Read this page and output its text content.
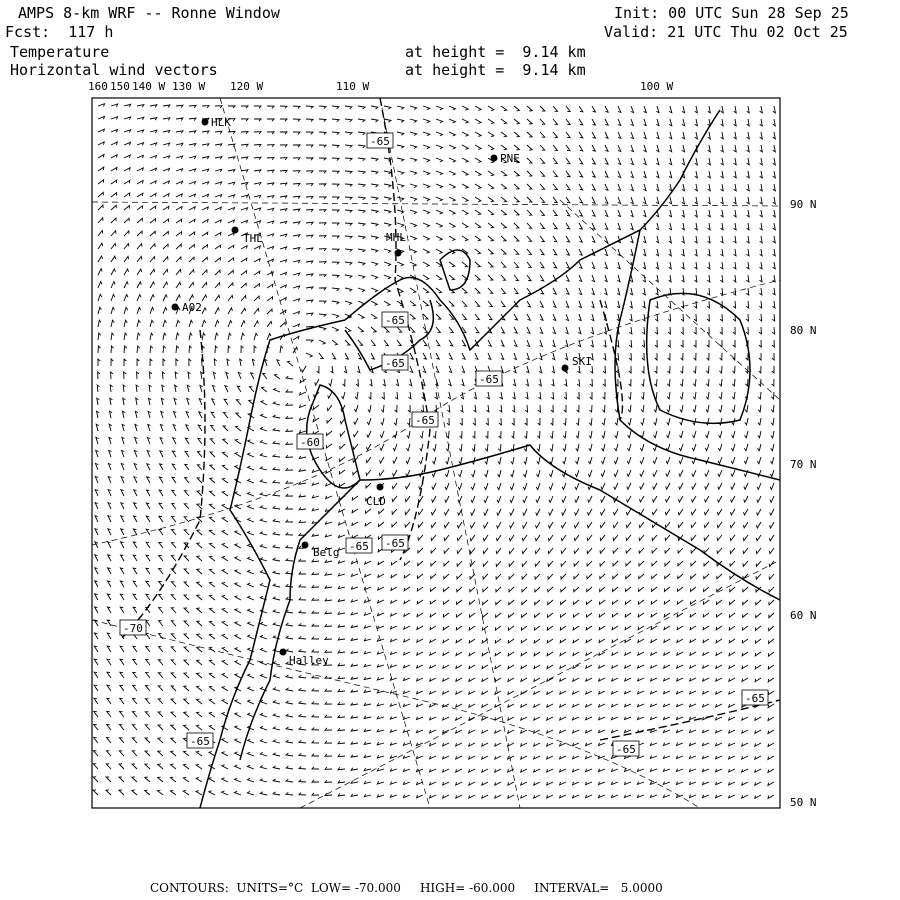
AMPS 8-km WRF -- Ronne Window
Fcst:  117 h
Init: 00 UTC Sun 28 Sep 25
Valid: 21 UTC Thu 02 Oct 25
Temperature
Horizontal wind vectors
at height =  9.14 km
at height =  9.14 km
160 150 140 W 130 W 120 W	110 W	100 W
90 N
80 N
70 N
60 N
50 N
HLK
PNE
THL	MHL
A02
SKI
CLD
Belg
Halley
-65
-65
-65
-65
-65
-60
-65 -65
-70
-65
-65
-65
CONTOURS:  UNITS=°C  LOW= -70.000     HIGH= -60.000     INTERVAL=   5.0000
